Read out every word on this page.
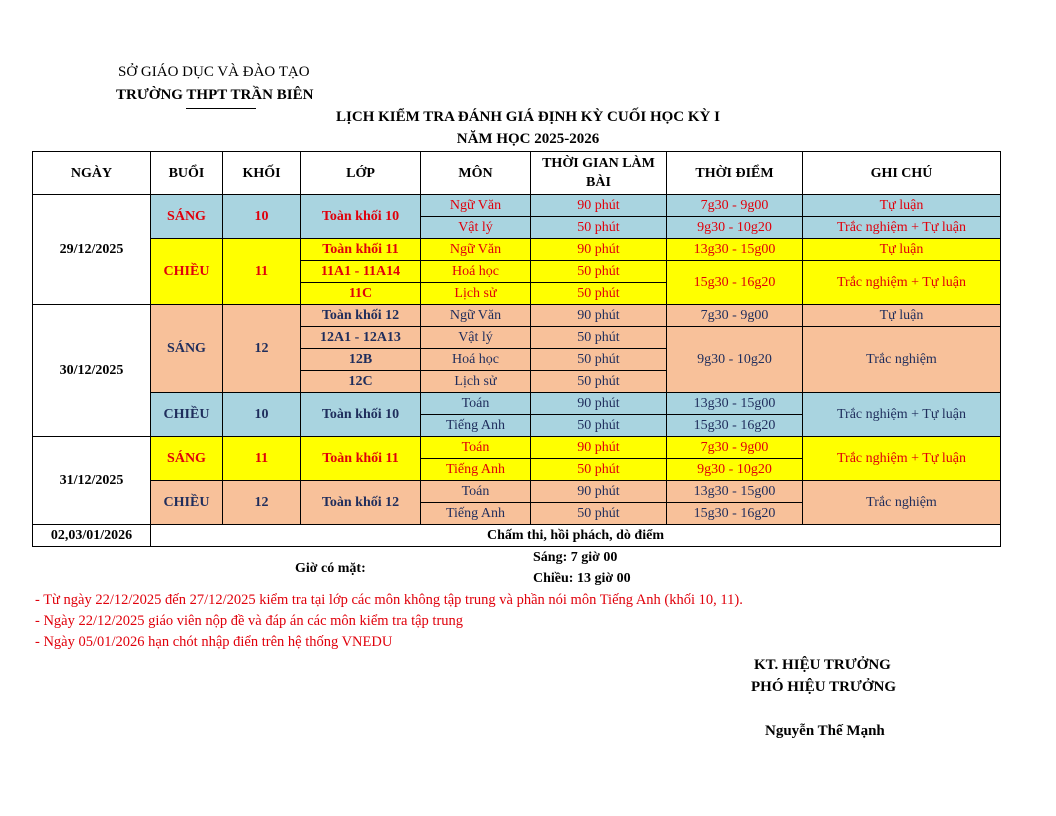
SỞ GIÁO DỤC VÀ ĐÀO TẠO
TRƯỜNG THPT TRẦN BIÊN
LỊCH KIỂM TRA ĐÁNH GIÁ ĐỊNH KỲ CUỐI HỌC KỲ I
NĂM HỌC 2025-2026
NGÀY	BUỔI	KHỐI	LỚP	MÔN	THỜI GIAN LÀM BÀI	THỜI ĐIỂM	GHI CHÚ
29/12/2025	SÁNG	10	Toàn khối 10	Ngữ Văn	90 phút	7g30 - 9g00	Tự luận
				Vật lý	50 phút	9g30 - 10g20	Trắc nghiệm + Tự luận
	CHIỀU	11	Toàn khối 11	Ngữ Văn	90 phút	13g30 - 15g00	Tự luận
			11A1 - 11A14	Hoá học	50 phút	15g30 - 16g20	Trắc nghiệm + Tự luận
			11C	Lịch sử	50 phút		
30/12/2025	SÁNG	12	Toàn khối 12	Ngữ Văn	90 phút	7g30 - 9g00	Tự luận
			12A1 - 12A13	Vật lý	50 phút	9g30 - 10g20	Trắc nghiệm
			12B	Hoá học	50 phút		
			12C	Lịch sử	50 phút		
	CHIỀU	10	Toàn khối 10	Toán	90 phút	13g30 - 15g00	Trắc nghiệm + Tự luận
				Tiếng Anh	50 phút	15g30 - 16g20	
31/12/2025	SÁNG	11	Toàn khối 11	Toán	90 phút	7g30 - 9g00	Trắc nghiệm + Tự luận
				Tiếng Anh	50 phút	9g30 - 10g20	
	CHIỀU	12	Toàn khối 12	Toán	90 phút	13g30 - 15g00	Trắc nghiệm
				Tiếng Anh	50 phút	15g30 - 16g20	
02,03/01/2026	Chấm thi, hồi phách, dò điểm						
Giờ có mặt:
Sáng: 7 giờ 00
Chiều: 13 giờ 00
- Từ ngày 22/12/2025 đến 27/12/2025 kiểm tra tại lớp các môn không tập trung và phần nói môn Tiếng Anh (khối 10, 11).
- Ngày 22/12/2025 giáo viên nộp đề và đáp án các môn kiểm tra tập trung
- Ngày 05/01/2026 hạn chót nhập điển trên hệ thống VNEDU
KT. HIỆU TRƯỞNG
PHÓ HIỆU TRƯỞNG
Nguyễn Thế Mạnh
